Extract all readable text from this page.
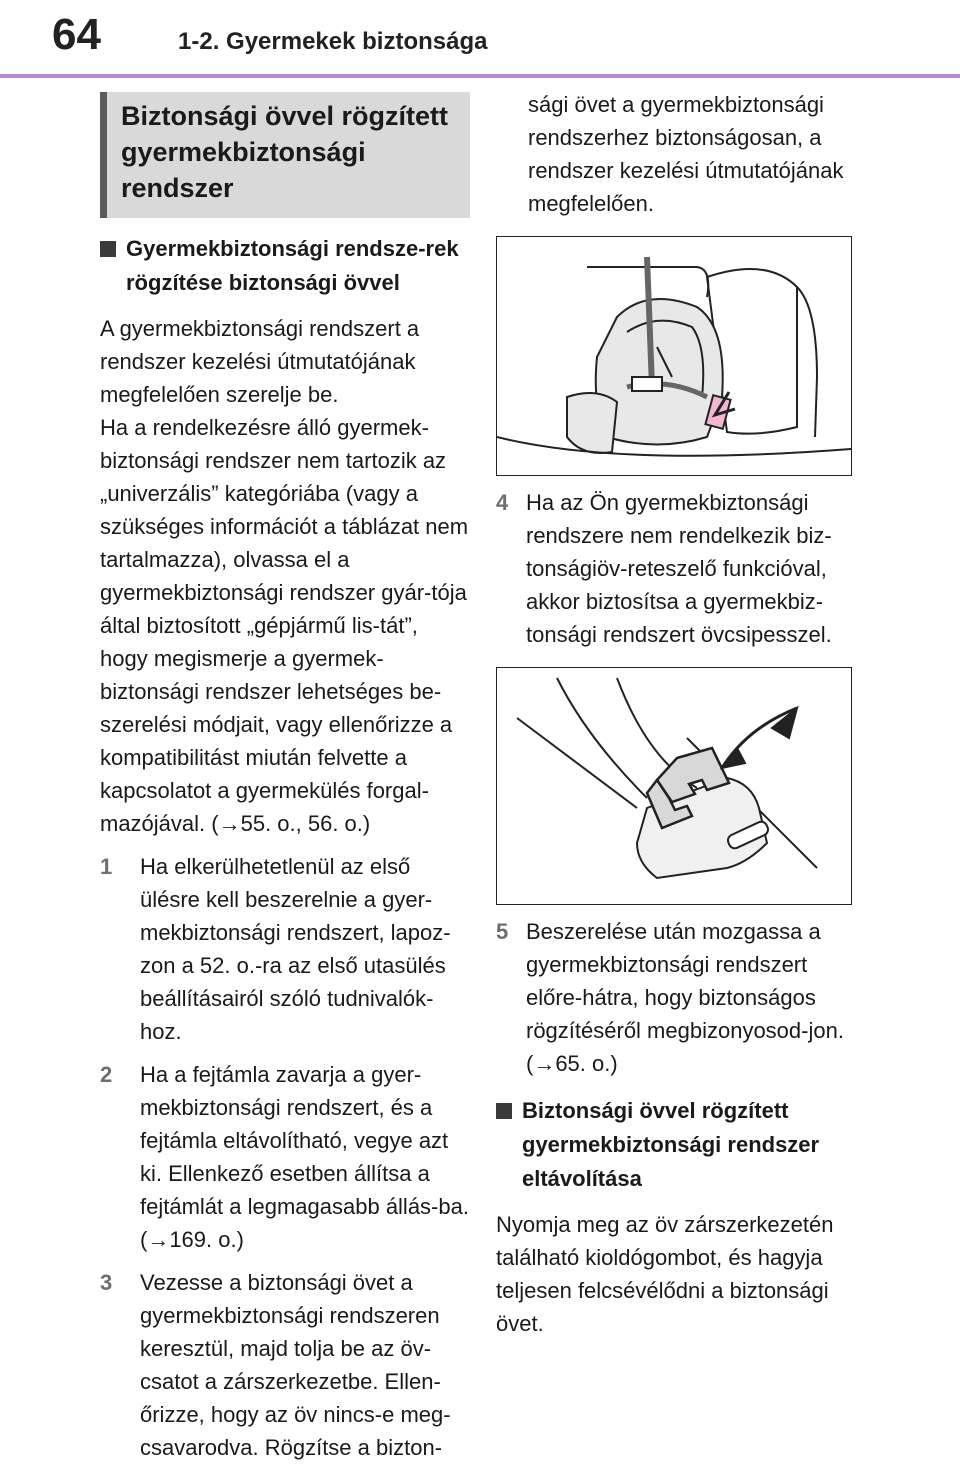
64	1-2. Gyermekek biztonsága
Biztonsági övvel rögzített gyermekbiztonsági rendszer
Gyermekbiztonsági rendsze-rek rögzítése biztonsági övvel

A gyermekbiztonsági rendszert a rendszer kezelési útmutatójának megfelelően szerelje be.

Ha a rendelkezésre álló gyermek-biztonsági rendszer nem tartozik az „univerzális” kategóriába (vagy a szükséges információt a táblázat nem tartalmazza), olvassa el a gyermekbiztonsági rendszer gyár-tója által biztosított „gépjármű lis-tát”, hogy megismerje a gyermek-biztonsági rendszer lehetséges be-szerelési módjait, vagy ellenőrizze a kompatibilitást miután felvette a kapcsolatot a gyermekülés forgal-mazójával. (→55. o., 56. o.)

1 Ha elkerülhetetlenül az első ülésre kell beszerelnie a gyer-mekbiztonsági rendszert, lapoz-zon a 52. o.-ra az első utasülés beállításairól szóló tudnivalók-hoz.
2 Ha a fejtámla zavarja a gyer-mekbiztonsági rendszert, és a fejtámla eltávolítható, vegye azt ki. Ellenkező esetben állítsa a fejtámlát a legmagasabb állás-ba. (→169. o.)
3 Vezesse a biztonsági övet a gyermekbiztonsági rendszeren keresztül, majd tolja be az öv-csatot a zárszerkezetbe. Ellen-őrizze, hogy az öv nincs-e meg-csavarodva. Rögzítse a bizton-
sági övet a gyermekbiztonsági rendszerhez biztonságosan, a rendszer kezelési útmutatójának megfelelően.
4 Ha az Ön gyermekbiztonsági rendszere nem rendelkezik biz-tonságiöv-reteszelő funkcióval, akkor biztosítsa a gyermekbiz-tonsági rendszert övcsipesszel.
5 Beszerelése után mozgassa a gyermekbiztonsági rendszert előre-hátra, hogy biztonságos rögzítéséről megbizonyosod-jon. (→65. o.)
Biztonsági övvel rögzített gyermekbiztonsági rendszer eltávolítása

Nyomja meg az öv zárszerkezetén található kioldógombot, és hagyja teljesen felcsévélődni a biztonsági övet.
